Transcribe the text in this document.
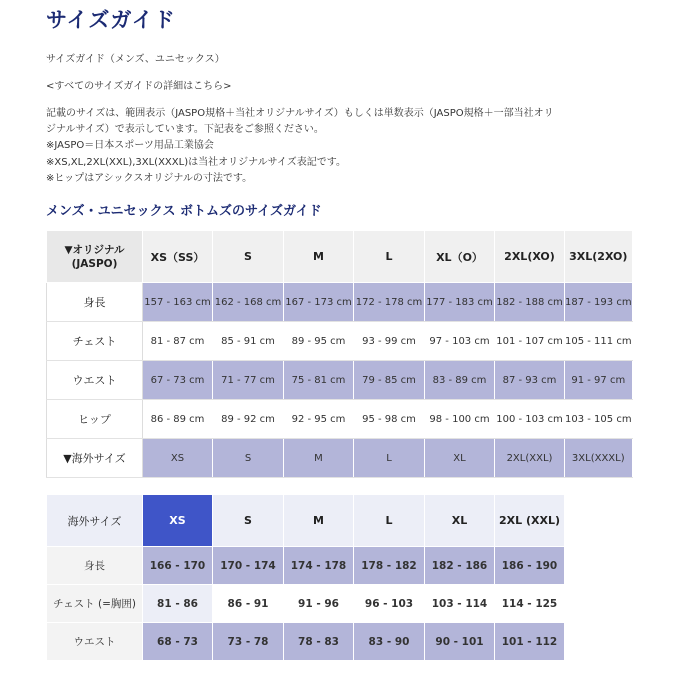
サイズガイド
サイズガイド（メンズ、ユニセックス）
<すべてのサイズガイドの詳細はこちら>
記載のサイズは、範囲表示（JASPO規格＋当社オリジナルサイズ）もしくは単数表示（JASPO規格＋一部当社オリ
ジナルサイズ）で表示しています。下記表をご参照ください。
※JASPO＝日本スポーツ用品工業協会
※XS,XL,2XL(XXL),3XL(XXXL)は当社オリジナルサイズ表記です。
※ヒップはアシックスオリジナルの寸法です。
メンズ・ユニセックス ボトムズのサイズガイド
▼オリジナル (JASPO)	XS（SS）	S	M	L	XL（O）	2XL(XO)	3XL(2XO)
身長	157 - 163 cm	162 - 168 cm	167 - 173 cm	172 - 178 cm	177 - 183 cm	182 - 188 cm	187 - 193 cm
チェスト	81 - 87 cm	85 - 91 cm	89 - 95 cm	93 - 99 cm	97 - 103 cm	101 - 107 cm	105 - 111 cm
ウエスト	67 - 73 cm	71 - 77 cm	75 - 81 cm	79 - 85 cm	83 - 89 cm	87 - 93 cm	91 - 97 cm
ヒップ	86 - 89 cm	89 - 92 cm	92 - 95 cm	95 - 98 cm	98 - 100 cm	100 - 103 cm	103 - 105 cm
▼海外サイズ	XS	S	M	L	XL	2XL(XXL)	3XL(XXXL)
海外サイズ	XS	S	M	L	XL	2XL (XXL)
身長	166 - 170	170 - 174	174 - 178	178 - 182	182 - 186	186 - 190
チェスト (=胸囲)	81 - 86	86 - 91	91 - 96	96 - 103	103 - 114	114 - 125
ウエスト	68 - 73	73 - 78	78 - 83	83 - 90	90 - 101	101 - 112
